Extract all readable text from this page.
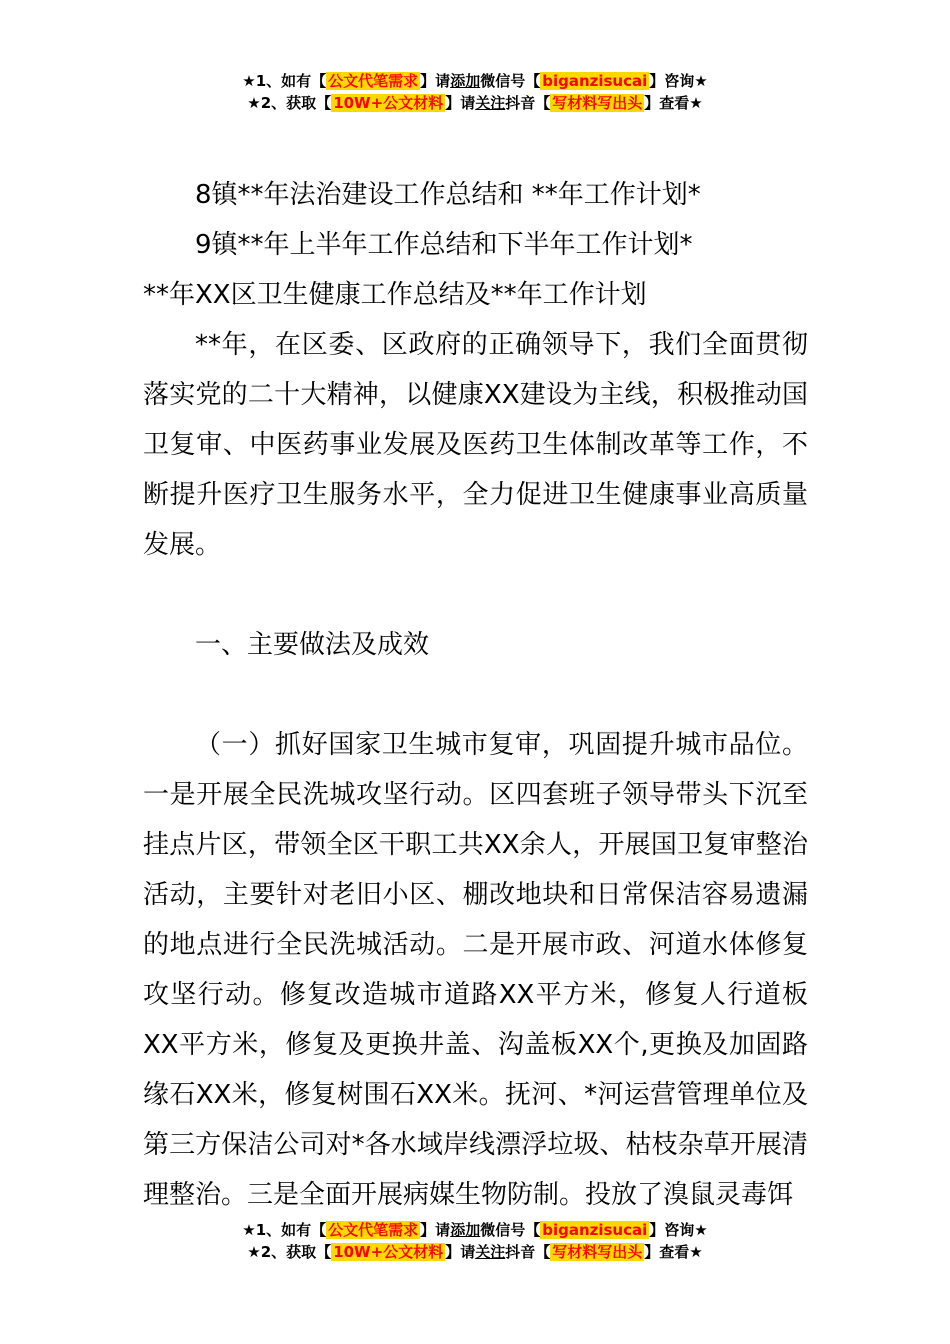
★1、如有【 公文代笔需求 】请添加微信号【 biganzisucai 】咨询★
★2、获取【 10W+公文材料 】请关注抖音【 写材料写出头 】查看★

8镇**年法治建设工作总结和 **年工作计划*

9镇**年上半年工作总结和下半年工作计划*

**年XX区卫生健康工作总结及**年工作计划

**年，在区委、区政府的正确领导下，我们全面贯彻落实党的二十大精神，以健康XX建设为主线，积极推动国卫复审、中医药事业发展及医药卫生体制改革等工作，不断提升医疗卫生服务水平，全力促进卫生健康事业高质量发展。

一、主要做法及成效

（一）抓好国家卫生城市复审，巩固提升城市品位。一是开展全民洗城攻坚行动。区四套班子领导带头下沉至挂点片区，带领全区干职工共XX余人，开展国卫复审整治活动，主要针对老旧小区、棚改地块和日常保洁容易遗漏的地点进行全民洗城活动。二是开展市政、河道水体修复攻坚行动。修复改造城市道路XX平方米，修复人行道板XX平方米，修复及更换井盖、沟盖板XX个,更换及加固路缘石XX米，修复树围石XX米。抚河、*河运营管理单位及第三方保洁公司对*各水域岸线漂浮垃圾、枯枝杂草开展清理整治。三是全面开展病媒生物防制。投放了溴鼠灵毒饵

★1、如有【 公文代笔需求 】请添加微信号【 biganzisucai 】咨询★
★2、获取【 10W+公文材料 】请关注抖音【 写材料写出头 】查看★
